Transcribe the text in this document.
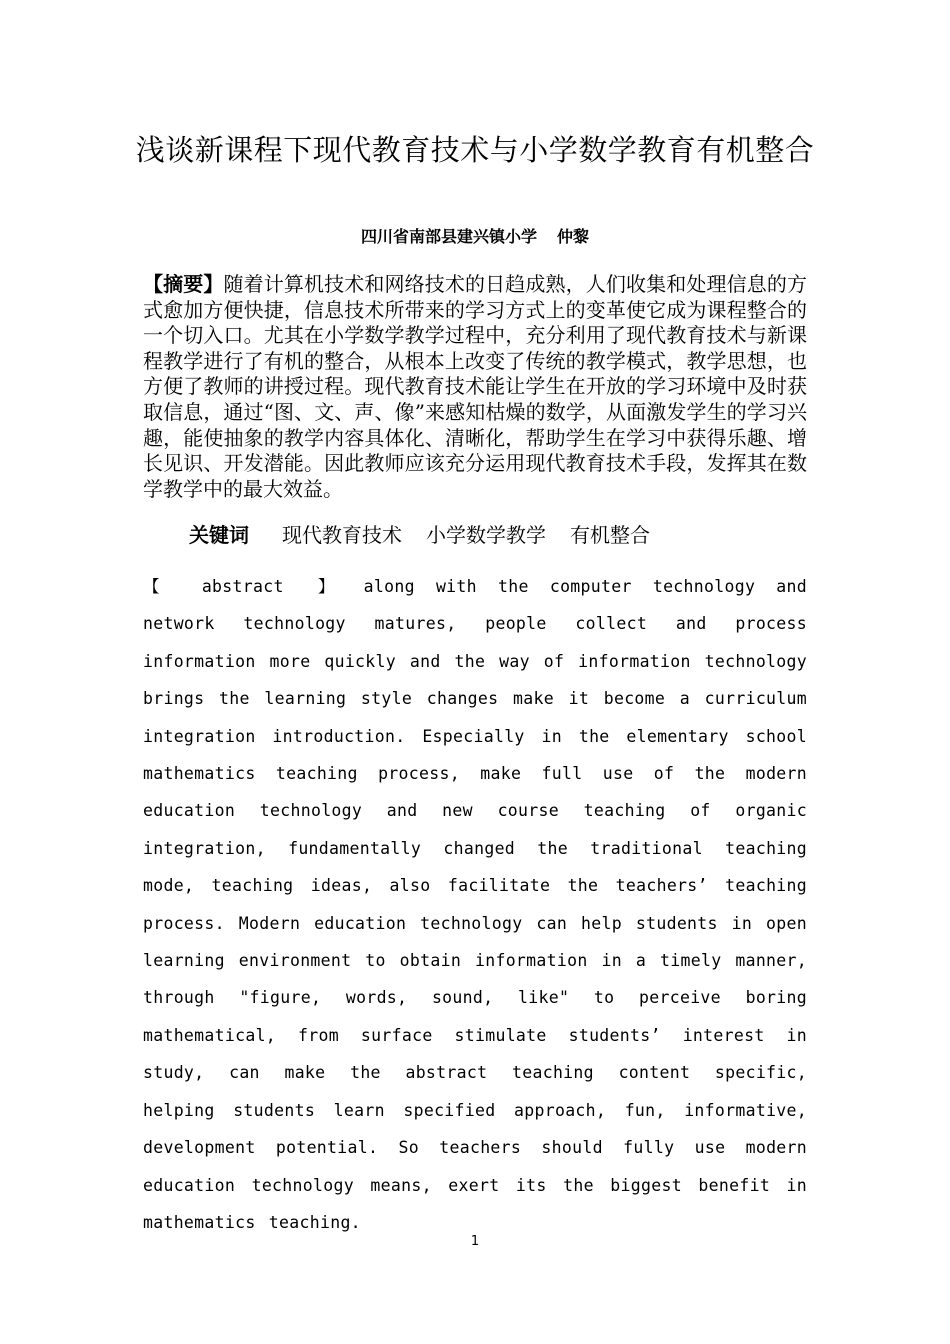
浅谈新课程下现代教育技术与小学数学教育有机整合
四川省南部县建兴镇小学 仲黎
【摘要】随着计算机技术和网络技术的日趋成熟，人们收集和处理信息的方式愈加方便快捷，信息技术所带来的学习方式上的变革使它成为课程整合的一个切入口。尤其在小学数学教学过程中，充分利用了现代教育技术与新课程教学进行了有机的整合，从根本上改变了传统的教学模式，教学思想，也方便了教师的讲授过程。现代教育技术能让学生在开放的学习环境中及时获取信息，通过“图、文、声、像”来感知枯燥的数学，从面激发学生的学习兴趣，能使抽象的教学内容具体化、清晰化，帮助学生在学习中获得乐趣、增长见识、开发潜能。因此教师应该充分运用现代教育技术手段，发挥其在数学教学中的最大效益。
关键词 现代教育技术 小学数学教学 有机整合
【 abstract 】 along with the computer technology and network technology matures, people collect and process information more quickly and the way of information technology brings the learning style changes make it become a curriculum integration introduction. Especially in the elementary school mathematics teaching process, make full use of the modern education technology and new course teaching of organic integration, fundamentally changed the traditional teaching mode, teaching ideas, also facilitate the teachers’ teaching process. Modern education technology can help students in open learning environment to obtain information in a timely manner, through "figure, words, sound, like" to perceive boring mathematical, from surface stimulate students’ interest in study, can make the abstract teaching content specific, helping students learn specified approach, fun, informative, development potential. So teachers should fully use modern education technology means, exert its the biggest benefit in mathematics teaching.
1
